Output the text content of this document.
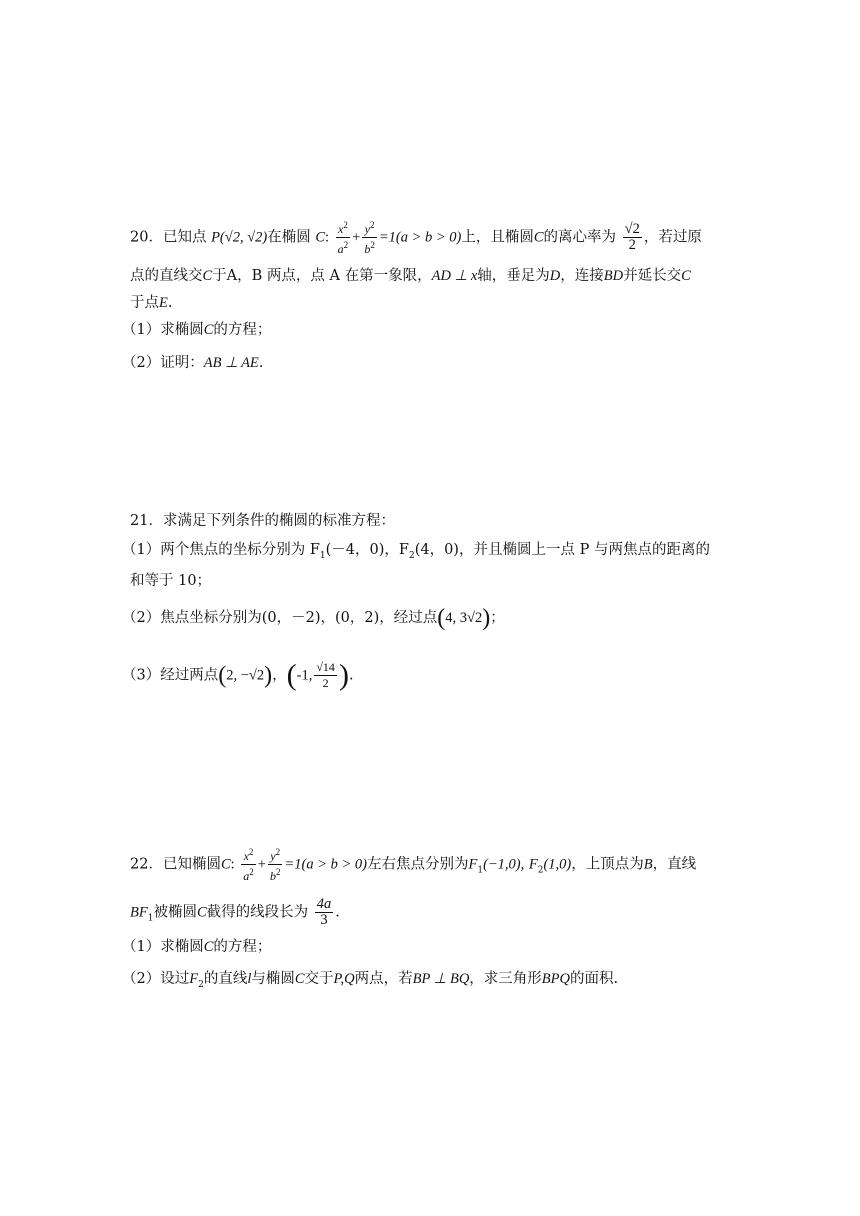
20．已知点 P(√2, √2)在椭圆 C: $\frac{x^2}{a^2} + \frac{y^2}{b^2} =1(a > b > 0)$上，且椭圆C的离心率为 $\frac{√2}{2}$ ，若过原
点的直线交C于A，B 两点，点 A 在第一象限，AD ⊥ x轴，垂足为D，连接BD并延长交C
于点E.
（1）求椭圆C的方程；
（2）证明：AB ⊥ AE.
21．求满足下列条件的椭圆的标准方程：
（1）两个焦点的坐标分别为 $F_1(-4$，0)，$F_2(4$，0)，并且椭圆上一点 P 与两焦点的距离的
和等于 10；
（2）焦点坐标分别为(0，－2)，(0，2)，经过点(4, 3√2)；
（3）经过两点(2, −√2)，(-1, $\frac{√14}{2}$ ).
22．已知椭圆C: $\frac{x^2}{a^2} + \frac{y^2}{b^2} =1(a > b > 0)$左右焦点分别为$F_1(-1,0)$, $F_2(1,0)$，上顶点为B，直线
$BF_1$被椭圆C截得的线段长为 $\frac{4a}{3}$ .
（1）求椭圆C的方程；
（2）设过$F_2$的直线l与椭圆C交于P,Q两点，若BP ⊥ BQ，求三角形BPQ的面积.
